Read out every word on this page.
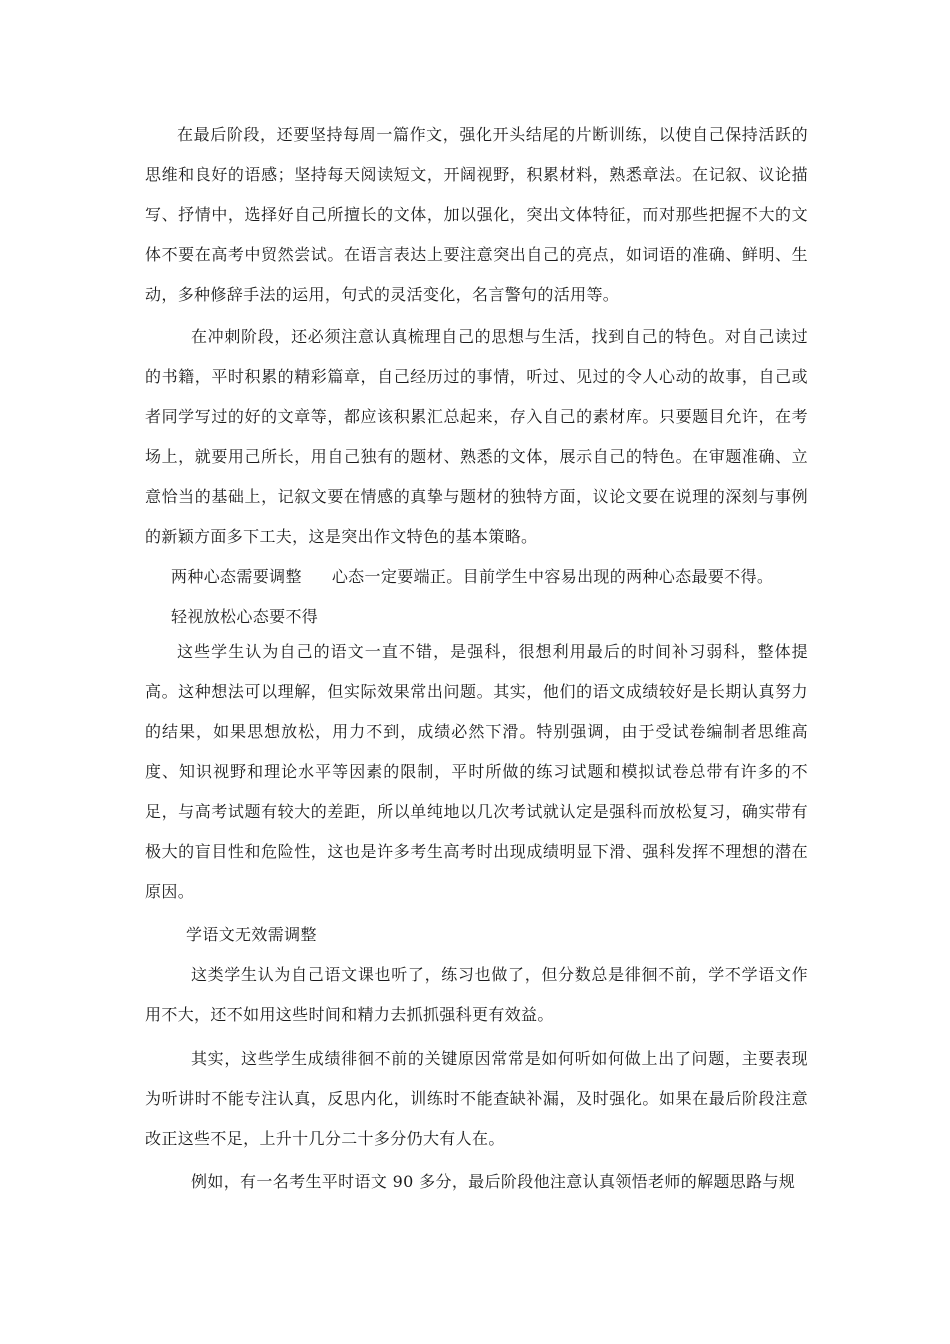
在最后阶段，还要坚持每周一篇作文，强化开头结尾的片断训练，以使自己保持活跃的思维和良好的语感；坚持每天阅读短文，开阔视野，积累材料，熟悉章法。在记叙、议论描写、抒情中，选择好自己所擅长的文体，加以强化，突出文体特征，而对那些把握不大的文体不要在高考中贸然尝试。在语言表达上要注意突出自己的亮点，如词语的准确、鲜明、生动，多种修辞手法的运用，句式的灵活变化，名言警句的活用等。

在冲刺阶段，还必须注意认真梳理自己的思想与生活，找到自己的特色。对自己读过的书籍，平时积累的精彩篇章，自己经历过的事情，听过、见过的令人心动的故事，自己或者同学写过的好的文章等，都应该积累汇总起来，存入自己的素材库。只要题目允许，在考场上，就要用己所长，用自己独有的题材、熟悉的文体，展示自己的特色。在审题准确、立意恰当的基础上，记叙文要在情感的真挚与题材的独特方面，议论文要在说理的深刻与事例的新颖方面多下工夫，这是突出作文特色的基本策略。

两种心态需要调整 心态一定要端正。目前学生中容易出现的两种心态最要不得。
轻视放松心态要不得

这些学生认为自己的语文一直不错，是强科，很想利用最后的时间补习弱科，整体提高。这种想法可以理解，但实际效果常出问题。其实，他们的语文成绩较好是长期认真努力的结果，如果思想放松，用力不到，成绩必然下滑。特别强调，由于受试卷编制者思维高度、知识视野和理论水平等因素的限制，平时所做的练习试题和模拟试卷总带有许多的不足，与高考试题有较大的差距，所以单纯地以几次考试就认定是强科而放松复习，确实带有极大的盲目性和危险性，这也是许多考生高考时出现成绩明显下滑、强科发挥不理想的潜在原因。

学语文无效需调整

这类学生认为自己语文课也听了，练习也做了，但分数总是徘徊不前，学不学语文作用不大，还不如用这些时间和精力去抓抓强科更有效益。

其实，这些学生成绩徘徊不前的关键原因常常是如何听如何做上出了问题，主要表现为听讲时不能专注认真，反思内化，训练时不能查缺补漏，及时强化。如果在最后阶段注意改正这些不足，上升十几分二十多分仍大有人在。

例如，有一名考生平时语文 90 多分，最后阶段他注意认真领悟老师的解题思路与规
